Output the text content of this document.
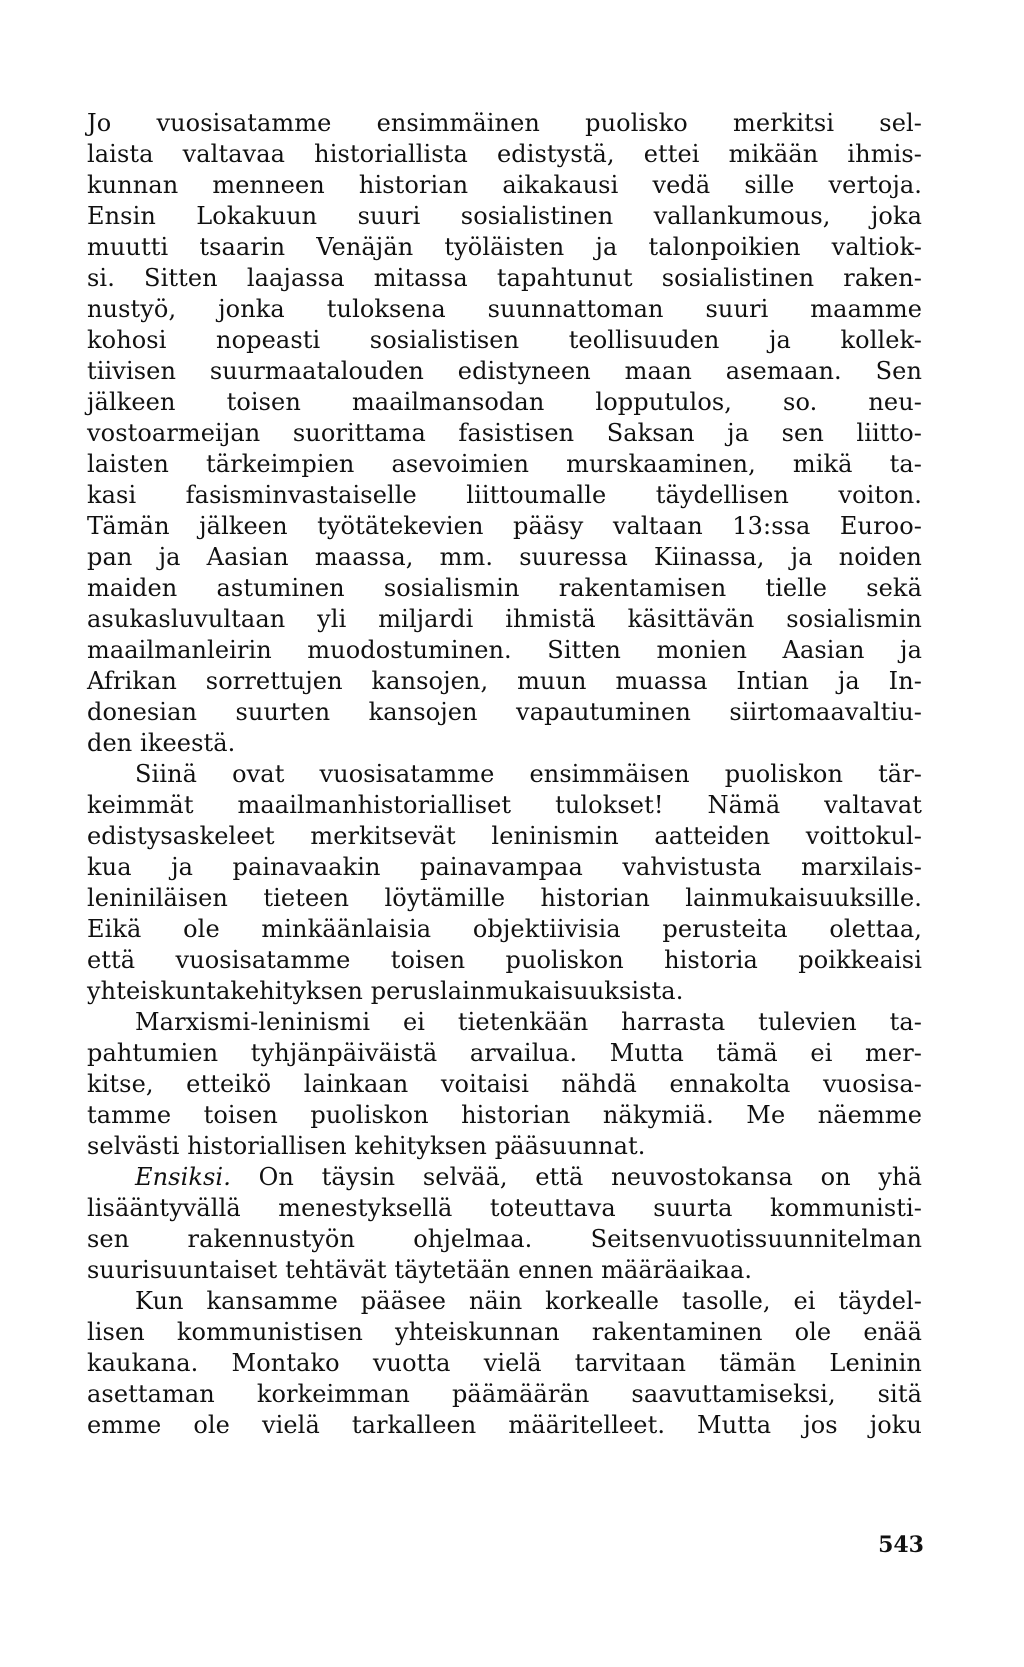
Jo vuosisatamme ensimmäinen puolisko merkitsi sel-
laista valtavaa historiallista edistystä, ettei mikään ihmis-
kunnan menneen historian aikakausi vedä sille vertoja.
Ensin Lokakuun suuri sosialistinen vallankumous, joka
muutti tsaarin Venäjän työläisten ja talonpoikien valtiok-
si. Sitten laajassa mitassa tapahtunut sosialistinen raken-
nustyö, jonka tuloksena suunnattoman suuri maamme
kohosi nopeasti sosialistisen teollisuuden ja kollek-
tiivisen suurmaatalouden edistyneen maan asemaan. Sen
jälkeen toisen maailmansodan lopputulos, so. neu-
vostoarmeijan suorittama fasistisen Saksan ja sen liitto-
laisten tärkeimpien asevoimien murskaaminen, mikä ta-
kasi fasisminvastaiselle liittoumalle täydellisen voiton.
Tämän jälkeen työtätekevien pääsy valtaan 13:ssa Euroo-
pan ja Aasian maassa, mm. suuressa Kiinassa, ja noiden
maiden astuminen sosialismin rakentamisen tielle sekä
asukasluvultaan yli miljardi ihmistä käsittävän sosialismin
maailmanleirin muodostuminen. Sitten monien Aasian ja
Afrikan sorrettujen kansojen, muun muassa Intian ja In-
donesian suurten kansojen vapautuminen siirtomaavaltiu-
den ikeestä.
Siinä ovat vuosisatamme ensimmäisen puoliskon tär-
keimmät maailmanhistorialliset tulokset! Nämä valtavat
edistysaskeleet merkitsevät leninismin aatteiden voittokul-
kua ja painavaakin painavampaa vahvistusta marxilais-
leniniläisen tieteen löytämille historian lainmukaisuuksille.
Eikä ole minkäänlaisia objektiivisia perusteita olettaa,
että vuosisatamme toisen puoliskon historia poikkeaisi
yhteiskuntakehityksen peruslainmukaisuuksista.
Marxismi-leninismi ei tietenkään harrasta tulevien ta-
pahtumien tyhjänpäiväistä arvailua. Mutta tämä ei mer-
kitse, etteikö lainkaan voitaisi nähdä ennakolta vuosisa-
tamme toisen puoliskon historian näkymiä. Me näemme
selvästi historiallisen kehityksen pääsuunnat.
Ensiksi. On täysin selvää, että neuvostokansa on yhä
lisääntyvällä menestyksellä toteuttava suurta kommunisti-
sen rakennustyön ohjelmaa. Seitsenvuotissuunnitelman
suurisuuntaiset tehtävät täytetään ennen määräaikaa.
Kun kansamme pääsee näin korkealle tasolle, ei täydel-
lisen kommunistisen yhteiskunnan rakentaminen ole enää
kaukana. Montako vuotta vielä tarvitaan tämän Leninin
asettaman korkeimman päämäärän saavuttamiseksi, sitä
emme ole vielä tarkalleen määritelleet. Mutta jos joku
543
